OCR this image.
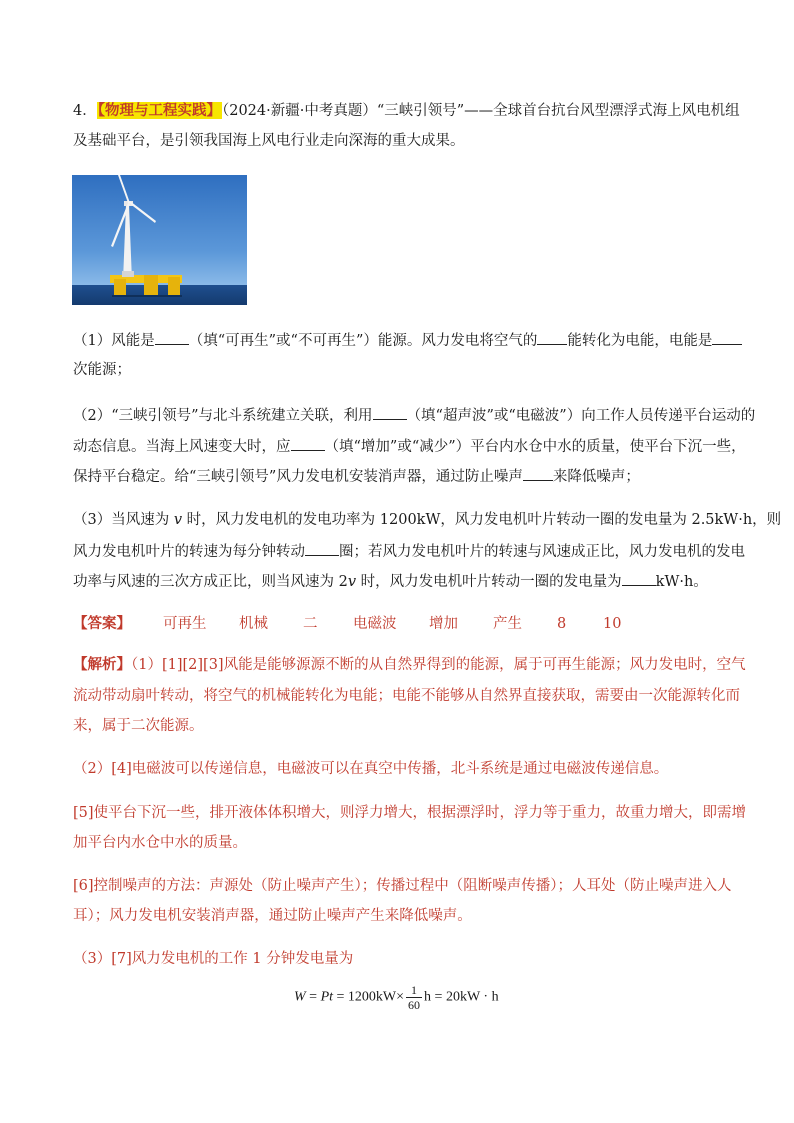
4．【物理与工程实践】（2024·新疆·中考真题）“三峡引领号”——全球首台抗台风型漂浮式海上风电机组
及基础平台，是引领我国海上风电行业走向深海的重大成果。
（1）风能是 （填“可再生”或“不可再生”）能源。风力发电将空气的 能转化为电能，电能是
次能源；
（2）“三峡引领号”与北斗系统建立关联，利用 （填“超声波”或“电磁波”）向工作人员传递平台运动的
动态信息。当海上风速变大时，应 （填“增加”或“减少”）平台内水仓中水的质量，使平台下沉一些，
保持平台稳定。给“三峡引领号”风力发电机安装消声器，通过防止噪声 来降低噪声；
（3）当风速为 v 时，风力发电机的发电功率为 1200kW，风力发电机叶片转动一圈的发电量为 2.5kW·h，则
风力发电机叶片的转速为每分钟转动 圈；若风力发电机叶片的转速与风速成正比，风力发电机的发电
功率与风速的三次方成正比，则当风速为 2v 时，风力发电机叶片转动一圈的发电量为 kW·h。
【答案】 可再生 机械 二 电磁波 增加 产生 8	10
【解析】（1）[1][2][3]风能是能够源源不断的从自然界得到的能源，属于可再生能源；风力发电时，空气
流动带动扇叶转动，将空气的机械能转化为电能；电能不能够从自然界直接获取，需要由一次能源转化而
来，属于二次能源。
（2）[4]电磁波可以传递信息，电磁波可以在真空中传播，北斗系统是通过电磁波传递信息。
[5]使平台下沉一些，排开液体体积增大，则浮力增大，根据漂浮时，浮力等于重力，故重力增大，即需增
加平台内水仓中水的质量。
[6]控制噪声的方法：声源处（防止噪声产生）；传播过程中（阻断噪声传播）；人耳处（防止噪声进入人
耳）；风力发电机安装消声器，通过防止噪声产生来降低噪声。
（3）[7]风力发电机的工作 1 分钟发电量为
$W = Pt = 1200kW\times \frac{1}{60}$ h = 20kW · h
